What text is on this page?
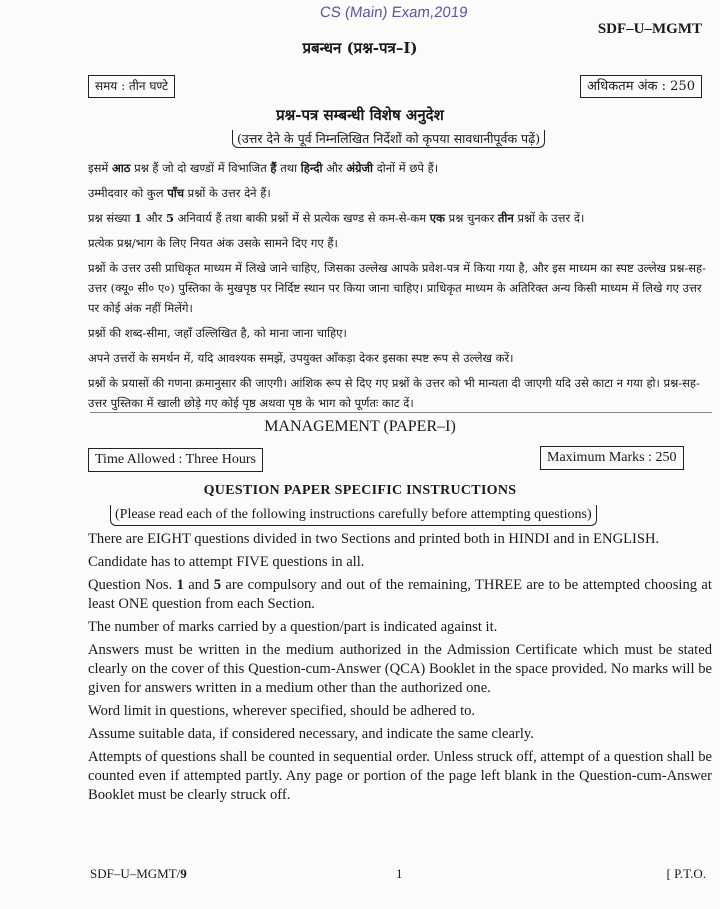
CS (Main) Exam,2019
SDF–U–MGMT
प्रबन्धन (प्रश्न-पत्र–I)
समय : तीन घण्टे	अधिकतम अंक : 250
प्रश्न-पत्र सम्बन्धी विशेष अनुदेश
(उत्तर देने के पूर्व निम्नलिखित निर्देशों को कृपया सावधानीपूर्वक पढ़ें)

इसमें आठ प्रश्न हैं जो दो खण्डों में विभाजित हैं तथा हिन्दी और अंग्रेजी दोनों में छपे हैं।

उम्मीदवार को कुल पाँच प्रश्नों के उत्तर देने हैं।

प्रश्न संख्या 1 और 5 अनिवार्य हैं तथा बाकी प्रश्नों में से प्रत्येक खण्ड से कम-से-कम एक प्रश्न चुनकर तीन प्रश्नों के उत्तर दें।

प्रत्येक प्रश्न/भाग के लिए नियत अंक उसके सामने दिए गए हैं।

प्रश्नों के उत्तर उसी प्राधिकृत माध्यम में लिखे जाने चाहिए, जिसका उल्लेख आपके प्रवेश-पत्र में किया गया है, और इस माध्यम का स्पष्ट उल्लेख प्रश्न-सह-उत्तर (क्यू० सी० ए०) पुस्तिका के मुखपृष्ठ पर निर्दिष्ट स्थान पर किया जाना चाहिए। प्राधिकृत माध्यम के अतिरिक्त अन्य किसी माध्यम में लिखे गए उत्तर पर कोई अंक नहीं मिलेंगे।

प्रश्नों की शब्द-सीमा, जहाँ उल्लिखित है, को माना जाना चाहिए।

अपने उत्तरों के समर्थन में, यदि आवश्यक समझें, उपयुक्त आँकड़ा देकर इसका स्पष्ट रूप से उल्लेख करें।

प्रश्नों के प्रयासों की गणना क्रमानुसार की जाएगी। आंशिक रूप से दिए गए प्रश्नों के उत्तर को भी मान्यता दी जाएगी यदि उसे काटा न गया हो। प्रश्न-सह-उत्तर पुस्तिका में खाली छोड़े गए कोई पृष्ठ अथवा पृष्ठ के भाग को पूर्णतः काट दें।

MANAGEMENT (PAPER–I)
Time Allowed : Three Hours	Maximum Marks : 250
QUESTION PAPER SPECIFIC INSTRUCTIONS
(Please read each of the following instructions carefully before attempting questions)

There are EIGHT questions divided in two Sections and printed both in HINDI and in ENGLISH.

Candidate has to attempt FIVE questions in all.

Question Nos. 1 and 5 are compulsory and out of the remaining, THREE are to be attempted choosing at least ONE question from each Section.

The number of marks carried by a question/part is indicated against it.

Answers must be written in the medium authorized in the Admission Certificate which must be stated clearly on the cover of this Question-cum-Answer (QCA) Booklet in the space provided. No marks will be given for answers written in a medium other than the authorized one.

Word limit in questions, wherever specified, should be adhered to.

Assume suitable data, if considered necessary, and indicate the same clearly.

Attempts of questions shall be counted in sequential order. Unless struck off, attempt of a question shall be counted even if attempted partly. Any page or portion of the page left blank in the Question-cum-Answer Booklet must be clearly struck off.

SDF–U–MGMT/9	1	[ P.T.O.
